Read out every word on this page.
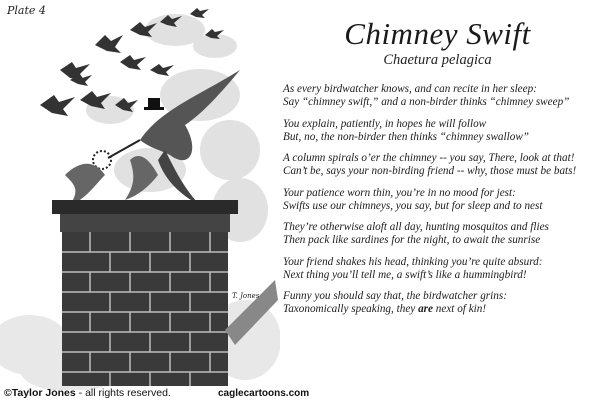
Plate 4
T. Jones
Chimney Swift
Chaetura pelagica
As every birdwatcher knows, and can recite in her sleep:
Say “chimney swift,” and a non-birder thinks “chimney sweep”
You explain, patiently, in hopes he will follow
But, no, the non-birder then thinks “chimney swallow”
A column spirals o’er the chimney -- you say, There, look at that!
Can’t be, says your non-birding friend -- why, those must be bats!
Your patience worn thin, you’re in no mood for jest:
Swifts use our chimneys, you say, but for sleep and to nest
They’re otherwise aloft all day, hunting mosquitos and flies
Then pack like sardines for the night, to await the sunrise
Your friend shakes his head, thinking you’re quite absurd:
Next thing you’ll tell me, a swift’s like a hummingbird!
Funny you should say that, the birdwatcher grins:
Taxonomically speaking, they are next of kin!
©Taylor Jones - all rights reserved.	caglecartoons.com
